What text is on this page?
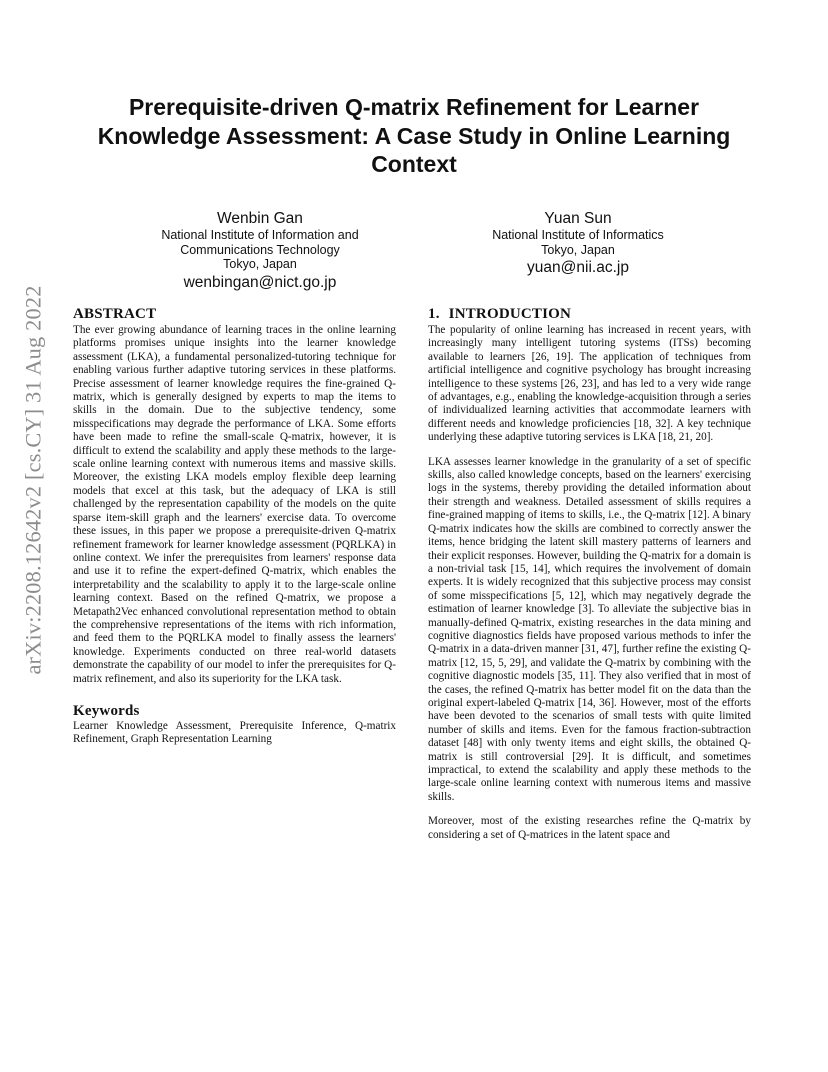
arXiv:2208.12642v2 [cs.CY] 31 Aug 2022
Prerequisite-driven Q-matrix Refinement for Learner Knowledge Assessment: A Case Study in Online Learning Context
Wenbin Gan
National Institute of Information and
Communications Technology
Tokyo, Japan
wenbingan@nict.go.jp
Yuan Sun
National Institute of Informatics
Tokyo, Japan
yuan@nii.ac.jp
ABSTRACT

The ever growing abundance of learning traces in the online learning platforms promises unique insights into the learner knowledge assessment (LKA), a fundamental personalized-tutoring technique for enabling various further adaptive tutoring services in these platforms. Precise assessment of learner knowledge requires the fine-grained Q-matrix, which is generally designed by experts to map the items to skills in the domain. Due to the subjective tendency, some misspecifications may degrade the performance of LKA. Some efforts have been made to refine the small-scale Q-matrix, however, it is difficult to extend the scalability and apply these methods to the large-scale online learning context with numerous items and massive skills. Moreover, the existing LKA models employ flexible deep learning models that excel at this task, but the adequacy of LKA is still challenged by the representation capability of the models on the quite sparse item-skill graph and the learners' exercise data. To overcome these issues, in this paper we propose a prerequisite-driven Q-matrix refinement framework for learner knowledge assessment (PQRLKA) in online context. We infer the prerequisites from learners' response data and use it to refine the expert-defined Q-matrix, which enables the interpretability and the scalability to apply it to the large-scale online learning context. Based on the refined Q-matrix, we propose a Metapath2Vec enhanced convolutional representation method to obtain the comprehensive representations of the items with rich information, and feed them to the PQRLKA model to finally assess the learners' knowledge. Experiments conducted on three real-world datasets demonstrate the capability of our model to infer the prerequisites for Q-matrix refinement, and also its superiority for the LKA task.

Keywords

Learner Knowledge Assessment, Prerequisite Inference, Q-matrix Refinement, Graph Representation Learning

1. INTRODUCTION

The popularity of online learning has increased in recent years, with increasingly many intelligent tutoring systems (ITSs) becoming available to learners [26, 19]. The application of techniques from artificial intelligence and cognitive psychology has brought increasing intelligence to these systems [26, 23], and has led to a very wide range of advantages, e.g., enabling the knowledge-acquisition through a series of individualized learning activities that accommodate learners with different needs and knowledge proficiencies [18, 32]. A key technique underlying these adaptive tutoring services is LKA [18, 21, 20].

LKA assesses learner knowledge in the granularity of a set of specific skills, also called knowledge concepts, based on the learners' exercising logs in the systems, thereby providing the detailed information about their strength and weakness. Detailed assessment of skills requires a fine-grained mapping of items to skills, i.e., the Q-matrix [12]. A binary Q-matrix indicates how the skills are combined to correctly answer the items, hence bridging the latent skill mastery patterns of learners and their explicit responses. However, building the Q-matrix for a domain is a non-trivial task [15, 14], which requires the involvement of domain experts. It is widely recognized that this subjective process may consist of some misspecifications [5, 12], which may negatively degrade the estimation of learner knowledge [3]. To alleviate the subjective bias in manually-defined Q-matrix, existing researches in the data mining and cognitive diagnostics fields have proposed various methods to infer the Q-matrix in a data-driven manner [31, 47], further refine the existing Q-matrix [12, 15, 5, 29], and validate the Q-matrix by combining with the cognitive diagnostic models [35, 11]. They also verified that in most of the cases, the refined Q-matrix has better model fit on the data than the original expert-labeled Q-matrix [14, 36]. However, most of the efforts have been devoted to the scenarios of small tests with quite limited number of skills and items. Even for the famous fraction-subtraction dataset [48] with only twenty items and eight skills, the obtained Q-matrix is still controversial [29]. It is difficult, and sometimes impractical, to extend the scalability and apply these methods to the large-scale online learning context with numerous items and massive skills.

Moreover, most of the existing researches refine the Q-matrix by considering a set of Q-matrices in the latent space and
